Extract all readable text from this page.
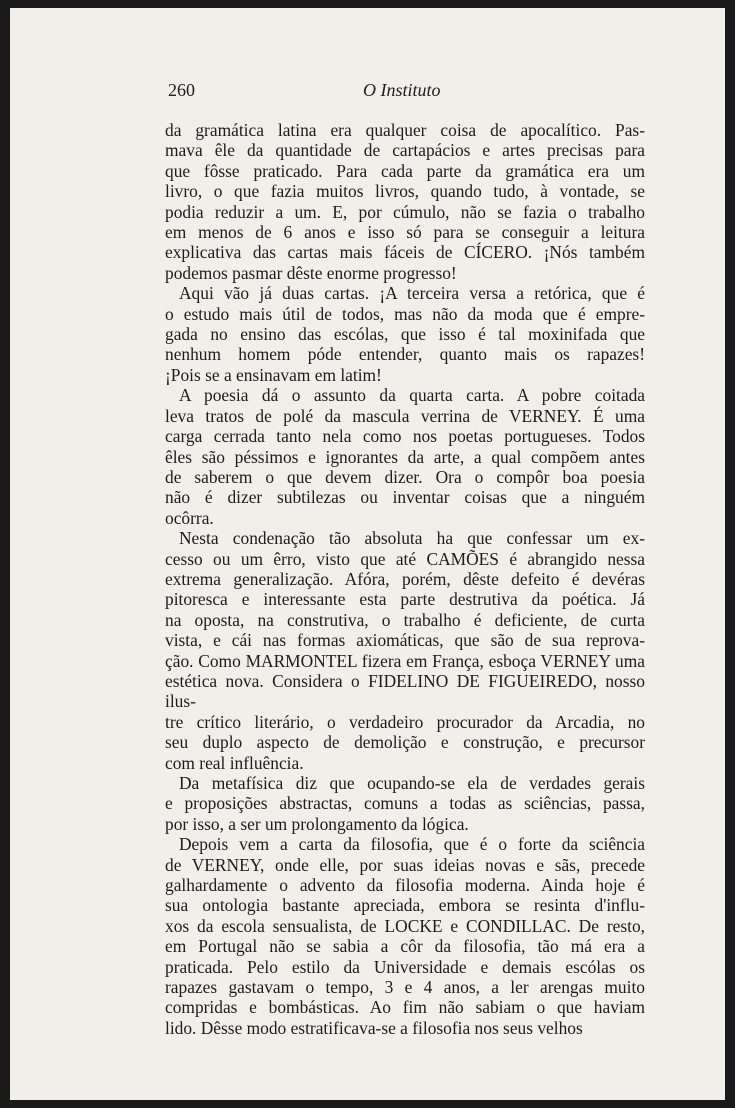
260	O Instituto

da gramática latina era qualquer coisa de apocalítico. Pas-
mava êle da quantidade de cartapácios e artes precisas para
que fôsse praticado. Para cada parte da gramática era um
livro, o que fazia muitos livros, quando tudo, à vontade, se
podia reduzir a um. E, por cúmulo, não se fazia o trabalho
em menos de 6 anos e isso só para se conseguir a leitura
explicativa das cartas mais fáceis de CÍCERO. ¡Nós também
podemos pasmar dêste enorme progresso!

Aqui vão já duas cartas. ¡A terceira versa a retórica, que é
o estudo mais útil de todos, mas não da moda que é empre-
gada no ensino das escólas, que isso é tal moxinifada que
nenhum homem póde entender, quanto mais os rapazes!
¡Pois se a ensinavam em latim!

A poesia dá o assunto da quarta carta. A pobre coitada
leva tratos de polé da mascula verrina de VERNEY. É uma
carga cerrada tanto nela como nos poetas portugueses. Todos
êles são péssimos e ignorantes da arte, a qual compõem antes
de saberem o que devem dizer. Ora o compôr boa poesia
não é dizer subtilezas ou inventar coisas que a ninguém
ocôrra.

Nesta condenação tão absoluta ha que confessar um ex-
cesso ou um êrro, visto que até CAMÕES é abrangido nessa
extrema generalização. Afóra, porém, dêste defeito é devéras
pitoresca e interessante esta parte destrutiva da poética. Já
na oposta, na construtiva, o trabalho é deficiente, de curta
vista, e cái nas formas axiomáticas, que são de sua reprova-
ção. Como MARMONTEL fizera em França, esboça VERNEY uma
estética nova. Considera o FIDELINO DE FIGUEIREDO, nosso ilus-
tre crítico literário, o verdadeiro procurador da Arcadia, no
seu duplo aspecto de demolição e construção, e precursor
com real influência.

Da metafísica diz que ocupando-se ela de verdades gerais
e proposições abstractas, comuns a todas as sciências, passa,
por isso, a ser um prolongamento da lógica.

Depois vem a carta da filosofia, que é o forte da sciência
de VERNEY, onde elle, por suas ideias novas e sãs, precede
galhardamente o advento da filosofia moderna. Ainda hoje é
sua ontologia bastante apreciada, embora se resinta d'influ-
xos da escola sensualista, de LOCKE e CONDILLAC. De resto,
em Portugal não se sabia a côr da filosofia, tão má era a
praticada. Pelo estilo da Universidade e demais escólas os
rapazes gastavam o tempo, 3 e 4 anos, a ler arengas muito
compridas e bombásticas. Ao fim não sabiam o que haviam
lido. Dêsse modo estratificava-se a filosofia nos seus velhos
